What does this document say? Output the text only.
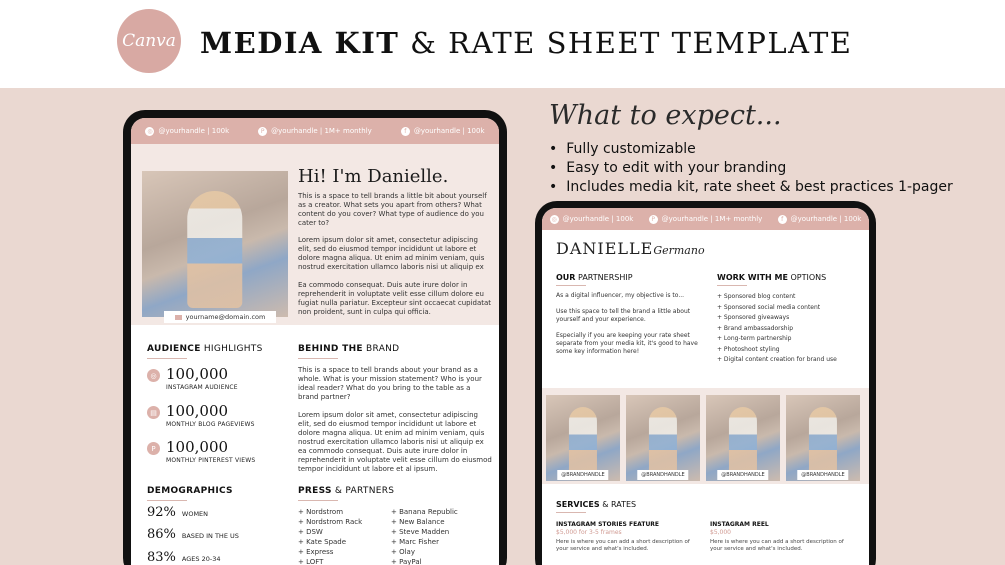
Canva MEDIA KIT & RATE SHEET TEMPLATE
◎ @yourhandle | 100k	P @yourhandle | 1M+ monthly	f	@yourhandle | 100k
yourname@domain.com
Hi! I'm Danielle.
This is a space to tell brands a little bit about yourself as a creator. What sets you apart from others? What content do you cover? What type of audience do you cater to?
Lorem ipsum dolor sit amet, consectetur adipiscing elit, sed do eiusmod tempor incididunt ut labore et dolore magna aliqua. Ut enim ad minim veniam, quis nostrud exercitation ullamco laboris nisi ut aliquip ex
Ea commodo consequat. Duis aute irure dolor in reprehenderit in voluptate velit esse cillum dolore eu fugiat nulla pariatur. Excepteur sint occaecat cupidatat non proident, sunt in culpa qui officia.
AUDIENCE HIGHLIGHTS
◎ 100,000
INSTAGRAM AUDIENCE
▤ 100,000
MONTHLY BLOG PAGEVIEWS
P 100,000
MONTHLY PINTEREST VIEWS
DEMOGRAPHICS
92% WOMEN
86% BASED IN THE US
83% AGES 20-34
BEHIND THE BRAND
This is a space to tell brands about your brand as a whole. What is your mission statement? Who is your ideal reader? What do you bring to the table as a brand partner?
Lorem ipsum dolor sit amet, consectetur adipiscing elit, sed do eiusmod tempor incididunt ut labore et dolore magna aliqua. Ut enim ad minim veniam, quis nostrud exercitation ullamco laboris nisi ut aliquip ex ea commodo consequat. Duis aute irure dolor in reprehenderit in voluptate velit esse cillum do eiusmod tempor incididunt ut labore et al ipsum.
PRESS & PARTNERS
+ Nordstrom
+ Nordstrom Rack
+ DSW
+ Kate Spade
+ Express
+ LOFT
+ Banana Republic
+ New Balance
+ Steve Madden
+ Marc Fisher
+ Olay
+ PayPal
What to expect...
• Fully customizable
• Easy to edit with your branding
• Includes media kit, rate sheet & best practices 1-pager
◎ @yourhandle | 100k	P @yourhandle | 1M+ monthly	f	@yourhandle | 100k
DANIELLEGermano
OUR PARTNERSHIP
As a digital influencer, my objective is to...
Use this space to tell the brand a little about yourself and your experience.
Especially if you are keeping your rate sheet separate from your media kit, it's good to have some key information here!
WORK WITH ME OPTIONS
+ Sponsored blog content
+ Sponsored social media content
+ Sponsored giveaways
+ Brand ambassadorship
+ Long-term partnership
+ Photoshoot styling
+ Digital content creation for brand use
@BRANDHANDLE	@BRANDHANDLE	@BRANDHANDLE	@BRANDHANDLE
SERVICES & RATES
INSTAGRAM STORIES FEATURE
$5,000 for 3-5 frames
Here is where you can add a short description of your service and what's included.
INSTAGRAM REEL
$5,000
Here is where you can add a short description of your service and what's included.
